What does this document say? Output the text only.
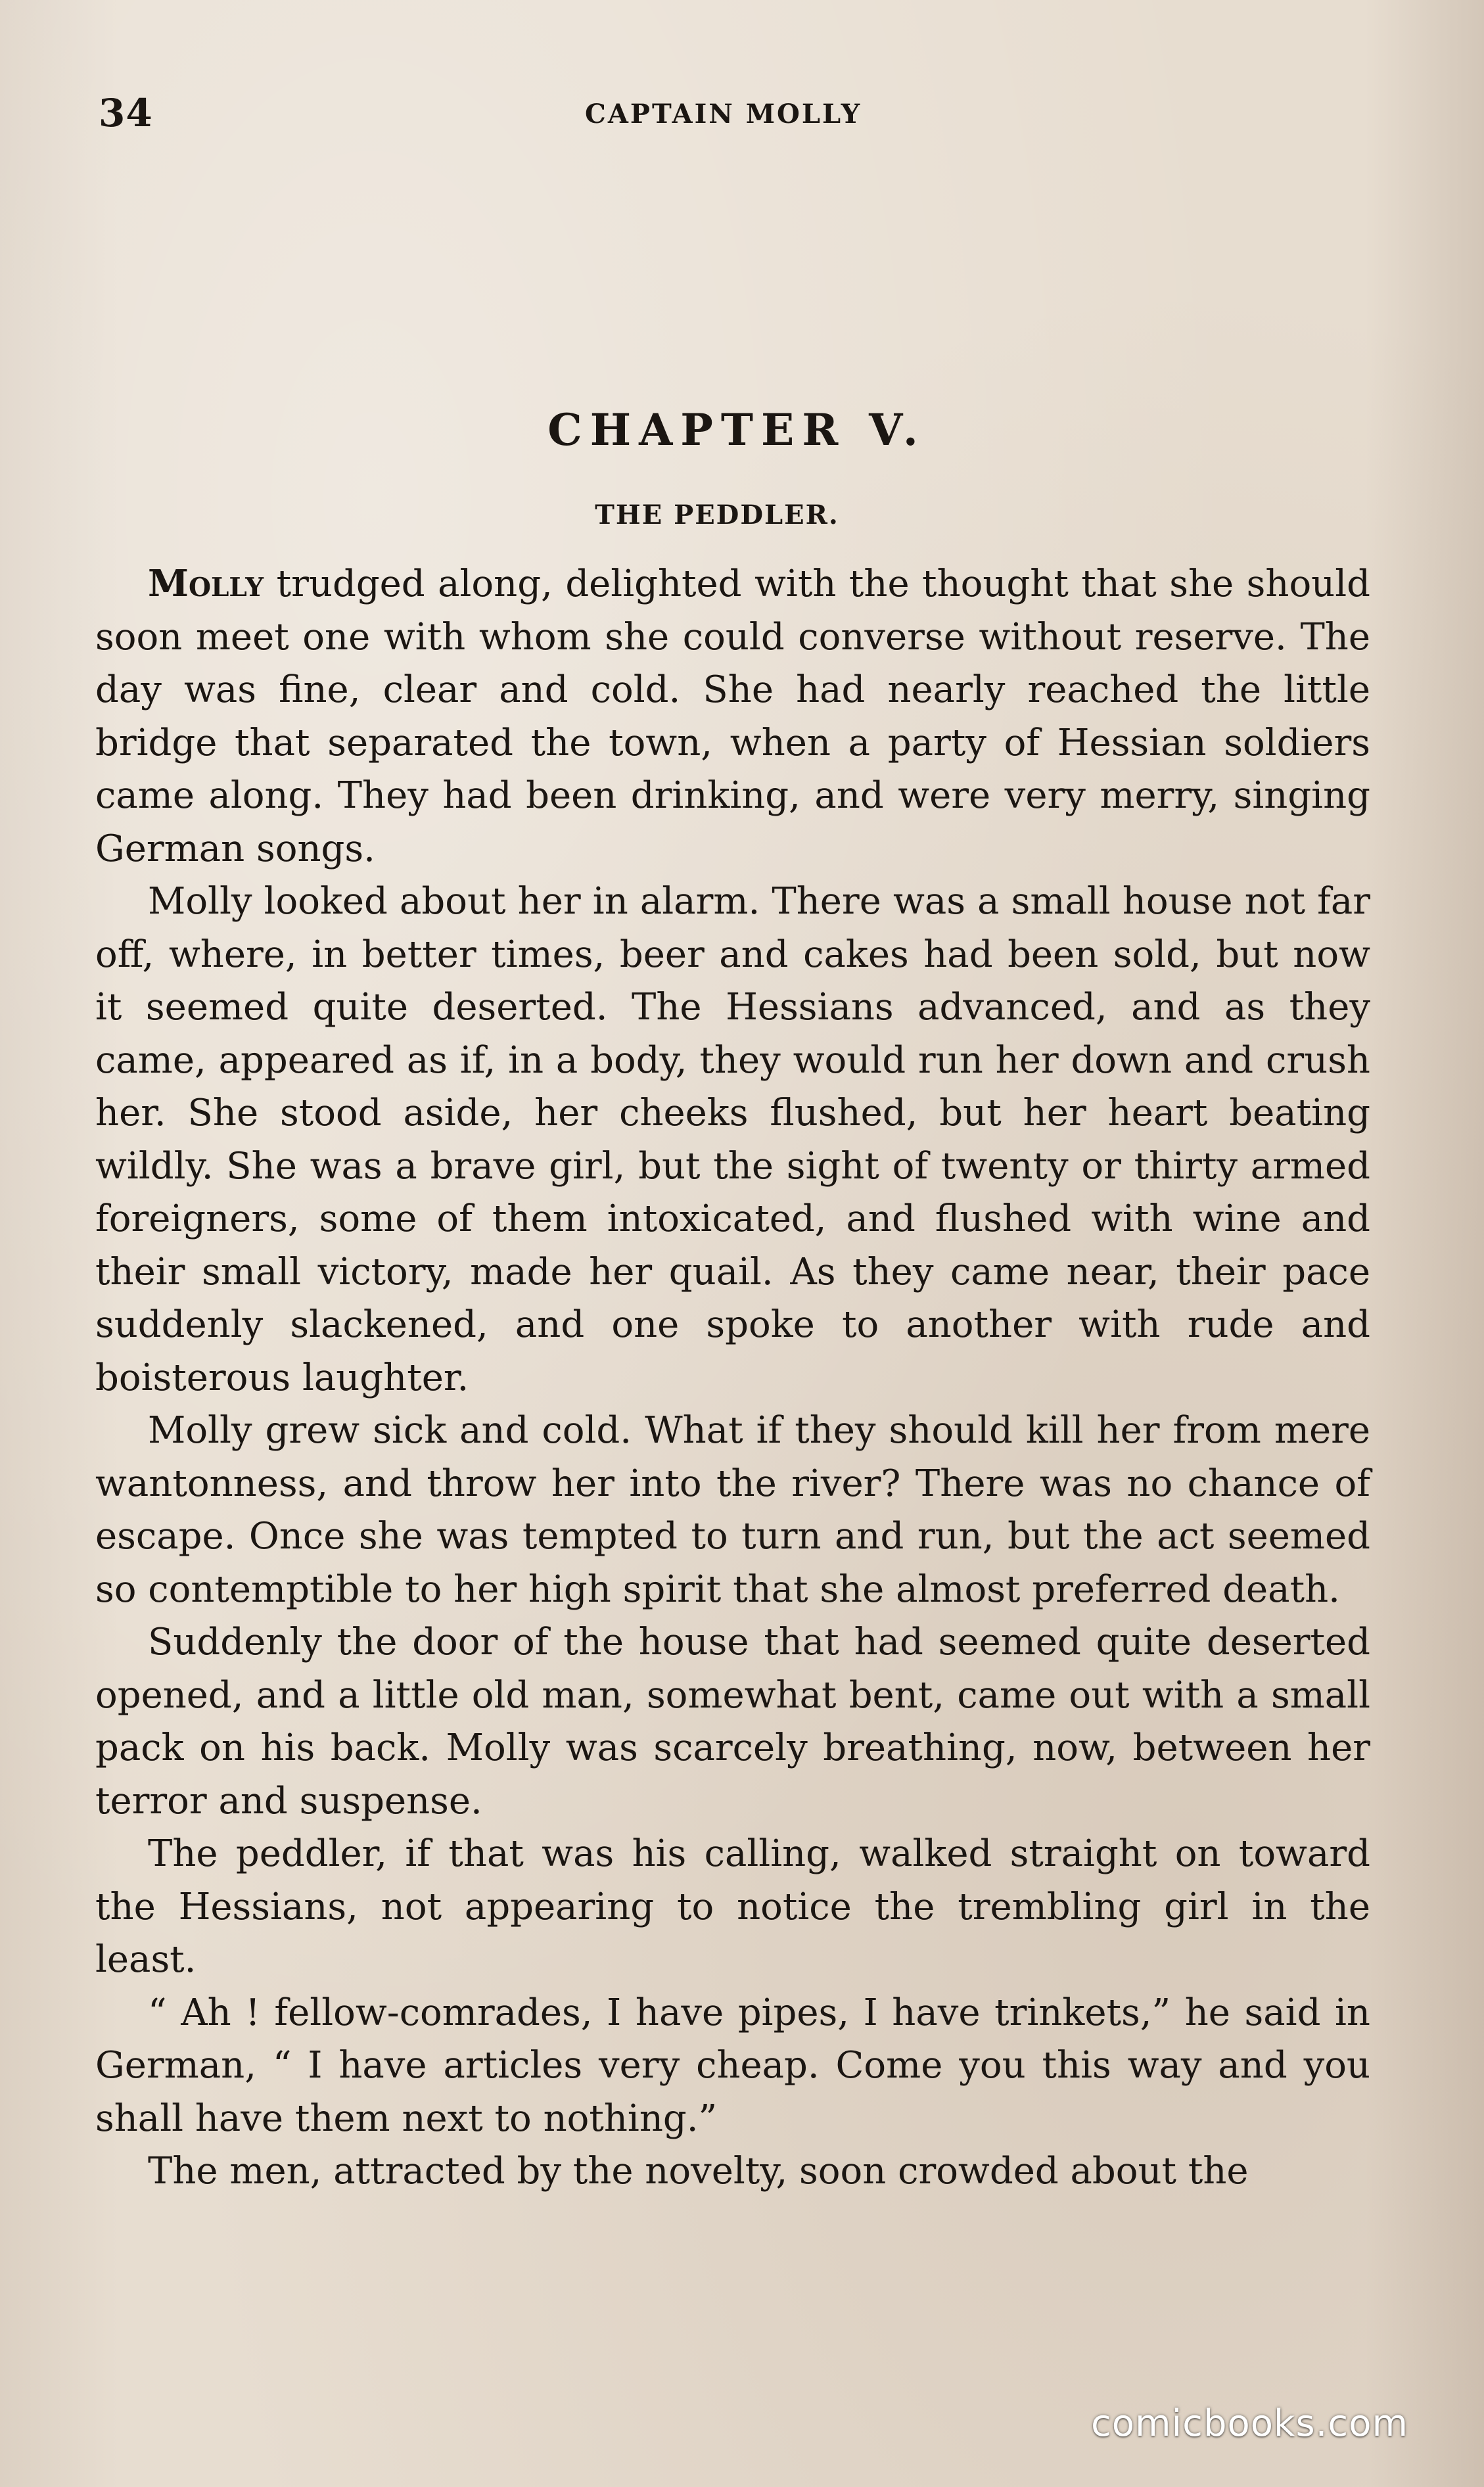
34	CAPTAIN MOLLY
CHAPTER V.
THE PEDDLER.

Molly trudged along, delighted with the thought that she should soon meet one with whom she could converse without reserve. The day was fine, clear and cold. She had nearly reached the little bridge that separated the town, when a party of Hessian soldiers came along. They had been drinking, and were very merry, singing German songs.

Molly looked about her in alarm. There was a small house not far off, where, in better times, beer and cakes had been sold, but now it seemed quite deserted. The Hessians advanced, and as they came, appeared as if, in a body, they would run her down and crush her. She stood aside, her cheeks flushed, but her heart beating wildly. She was a brave girl, but the sight of twenty or thirty armed foreigners, some of them intoxicated, and flushed with wine and their small victory, made her quail. As they came near, their pace suddenly slackened, and one spoke to another with rude and boisterous laughter.

Molly grew sick and cold. What if they should kill her from mere wantonness, and throw her into the river? There was no chance of escape. Once she was tempted to turn and run, but the act seemed so contemptible to her high spirit that she almost preferred death.

Suddenly the door of the house that had seemed quite deserted opened, and a little old man, somewhat bent, came out with a small pack on his back. Molly was scarcely breathing, now, between her terror and suspense.

The peddler, if that was his calling, walked straight on toward the Hessians, not appearing to notice the trembling girl in the least.

“ Ah ! fellow-comrades, I have pipes, I have trinkets,” he said in German, “ I have articles very cheap. Come you this way and you shall have them next to nothing.”

The men, attracted by the novelty, soon crowded about the

comicbooks.com
